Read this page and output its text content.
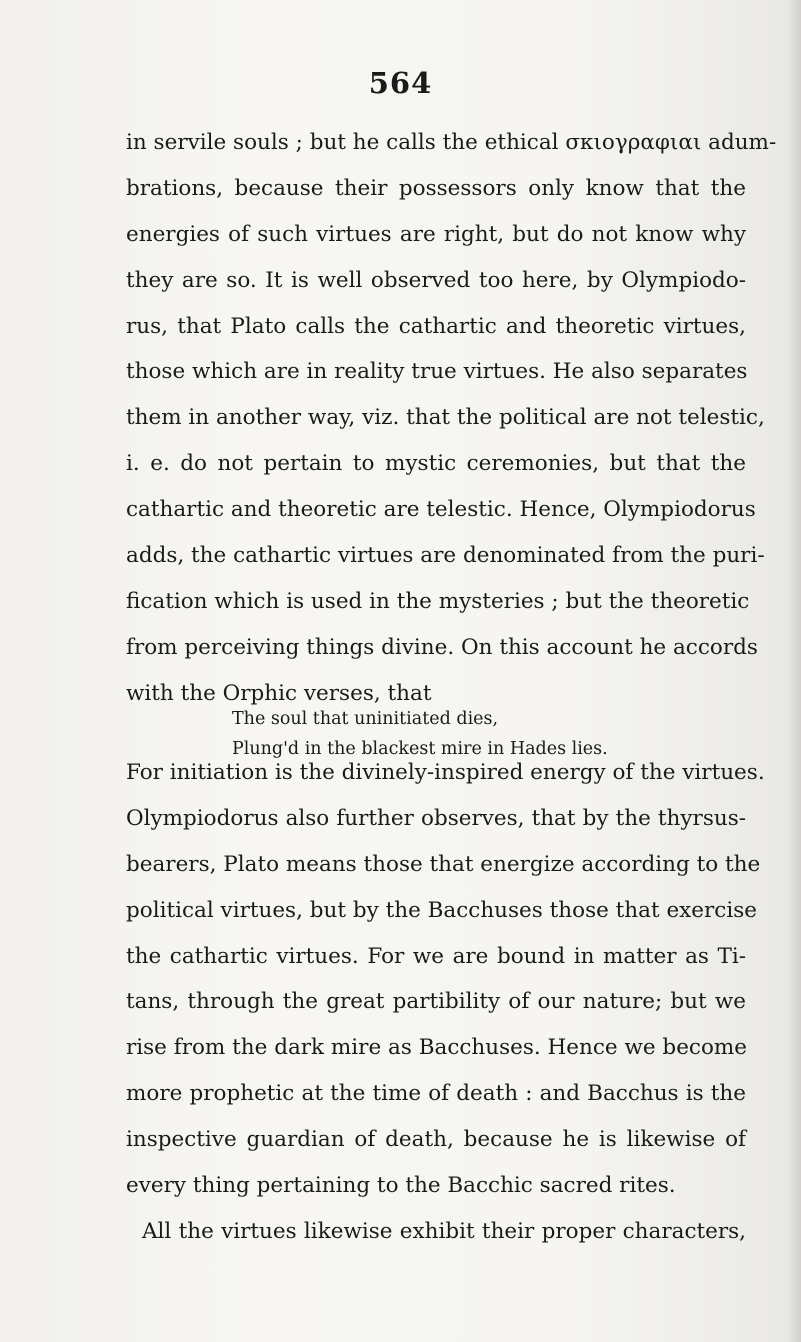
564
in servile souls ; but he calls the ethical σκιογραφιαι adum-
brations, because their possessors only know that the
energies of such virtues are right, but do not know why
they are so. It is well observed too here, by Olympiodo-
rus, that Plato calls the cathartic and theoretic virtues,
those which are in reality true virtues. He also separates
them in another way, viz. that the political are not telestic,
i. e. do not pertain to mystic ceremonies, but that the
cathartic and theoretic are telestic. Hence, Olympiodorus
adds, the cathartic virtues are denominated from the puri-
fication which is used in the mysteries ; but the theoretic
from perceiving things divine. On this account he accords
with the Orphic verses, that
The soul that uninitiated dies,
Plung'd in the blackest mire in Hades lies.
For initiation is the divinely-inspired energy of the virtues.
Olympiodorus also further observes, that by the thyrsus-
bearers, Plato means those that energize according to the
political virtues, but by the Bacchuses those that exercise
the cathartic virtues. For we are bound in matter as Ti-
tans, through the great partibility of our nature; but we
rise from the dark mire as Bacchuses. Hence we become
more prophetic at the time of death : and Bacchus is the
inspective guardian of death, because he is likewise of
every thing pertaining to the Bacchic sacred rites.
All the virtues likewise exhibit their proper characters,
